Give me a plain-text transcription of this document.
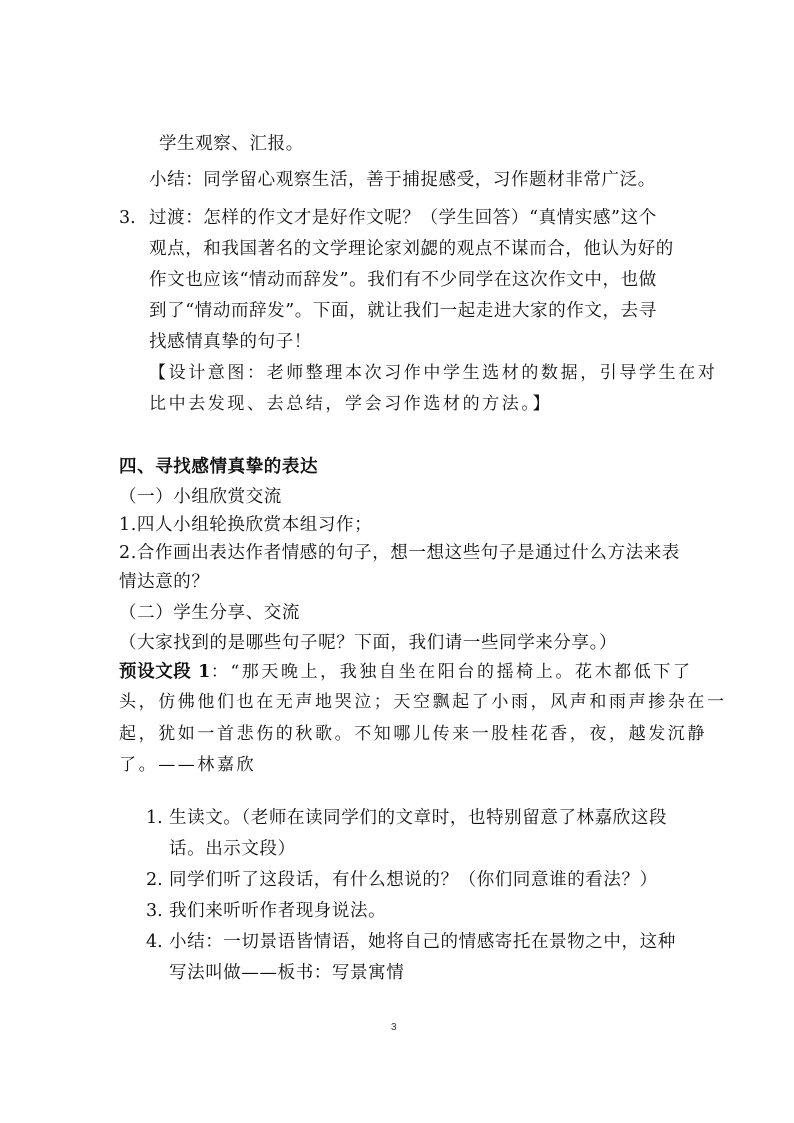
学生观察、汇报。
小结：同学留心观察生活，善于捕捉感受，习作题材非常广泛。
3. 过渡：怎样的作文才是好作文呢？（学生回答）“真情实感”这个
观点，和我国著名的文学理论家刘勰的观点不谋而合，他认为好的
作文也应该“情动而辞发”。我们有不少同学在这次作文中，也做
到了“情动而辞发”。下面，就让我们一起走进大家的作文，去寻
找感情真挚的句子！
【设计意图：老师整理本次习作中学生选材的数据，引导学生在对
比中去发现、去总结，学会习作选材的方法。】
四、寻找感情真挚的表达
（一）小组欣赏交流
1.四人小组轮换欣赏本组习作；
2.合作画出表达作者情感的句子，想一想这些句子是通过什么方法来表
情达意的？
（二）学生分享、交流
（大家找到的是哪些句子呢？下面，我们请一些同学来分享。）
预设文段 1：“那天晚上，我独自坐在阳台的摇椅上。花木都低下了
头，仿佛他们也在无声地哭泣；天空飘起了小雨，风声和雨声掺杂在一
起，犹如一首悲伤的秋歌。不知哪儿传来一股桂花香，夜，越发沉静
了。——林嘉欣
1. 生读文。（老师在读同学们的文章时，也特别留意了林嘉欣这段
话。出示文段）
2. 同学们听了这段话，有什么想说的？（你们同意谁的看法？）
3. 我们来听听作者现身说法。
4. 小结：一切景语皆情语，她将自己的情感寄托在景物之中，这种
写法叫做——板书：写景寓情
3
